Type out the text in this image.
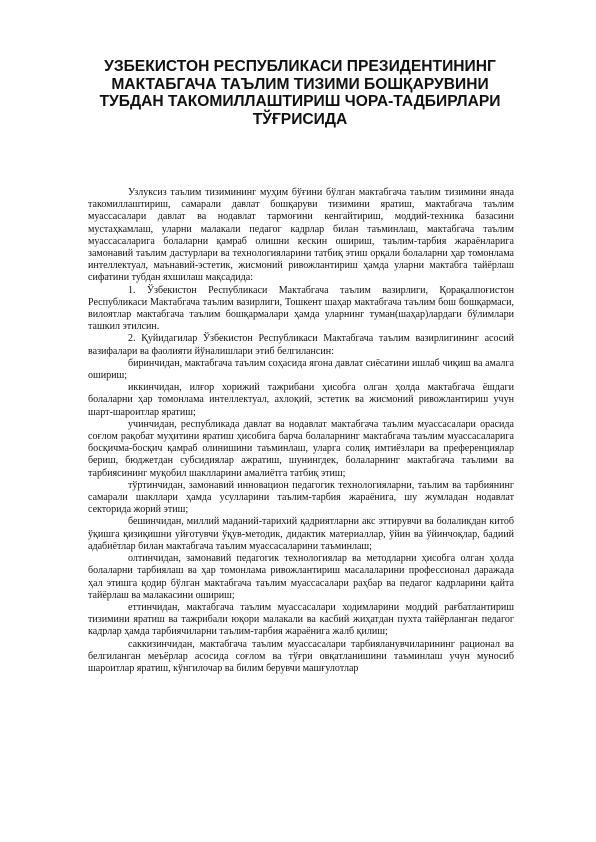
УЗБЕКИСТОН РЕСПУБЛИКАСИ ПРЕЗИДЕНТИНИНГ
МАКТАБГАЧА ТАЪЛИМ ТИЗИМИ БОШҚАРУВИНИ
ТУБДАН ТАКОМИЛЛАШТИРИШ ЧОРА-ТАДБИРЛАРИ
ТЎҒРИСИДА

Узлуксиз таълим тизимининг муҳим бўғини бўлган мактабгача таълим тизимини янада такомиллаштириш, самарали давлат бошқаруви тизимини яратиш, мактабгача таълим муассасалари давлат ва нодавлат тармоғини кенгайтириш, моддий-техника базасини мустаҳкамлаш, уларни малакали педагог кадрлар билан таъминлаш, мактабгача таълим муассасаларига болаларни қамраб олишни кескин ошириш, таълим-тарбия жараёнларига замонавий таълим дастурлари ва технологияларини татбиқ этиш орқали болаларни ҳар томонлама интеллектуал, маънавий-эстетик, жисмоний ривожлантириш ҳамда уларни мактабга тайёрлаш сифатини тубдан яхшилаш мақсадида:

1. Ўзбекистон Республикаси Мактабгача таълим вазирлиги, Қорақалпоғистон Республикаси Мактабгача таълим вазирлиги, Тошкент шаҳар мактабгача таълим бош бошқармаси, вилоятлар мактабгача таълим бошқармалари ҳамда уларнинг туман(шаҳар)лардаги бўлимлари ташкил этилсин.

2. Қуйидагилар Ўзбекистон Республикаси Мактабгача таълим вазирлигининг асосий вазифалари ва фаолияти йўналишлари этиб белгилансин:

биринчидан, мактабгача таълим соҳасида ягона давлат сиёсатини ишлаб чиқиш ва амалга ошириш;

иккинчидан, илғор хорижий тажрибани ҳисобга олган ҳолда мактабгача ёшдаги болаларни ҳар томонлама интеллектуал, ахлоқий, эстетик ва жисмоний ривожлантириш учун шарт-шароитлар яратиш;

учинчидан, республикада давлат ва нодавлат мактабгача таълим муассасалари орасида соғлом рақобат муҳитини яратиш ҳисобига барча болаларнинг мактабгача таълим муассасаларига босқичма-босқич қамраб олинишини таъминлаш, уларга солиқ имтиёзлари ва преференциялар бериш, бюджетдан субсидиялар ажратиш, шунингдек, болаларнинг мактабгача таълими ва тарбиясининг муқобил шаклларини амалиётга татбиқ этиш;

тўртинчидан, замонавий инновацион педагогик технологияларни, таълим ва тарбиянинг самарали шакллари ҳамда усулларини таълим-тарбия жараёнига, шу жумладан нодавлат секторида жорий этиш;

бешинчидан, миллий маданий-тарихий қадриятларни акс эттирувчи ва болаликдан китоб ўқишга қизиқишни уйғотувчи ўқув-методик, дидактик материаллар, ўйин ва ўйинчоқлар, бадиий адабиётлар билан мактабгача таълим муассасаларини таъминлаш;

олтинчидан, замонавий педагогик технологиялар ва методларни ҳисобга олган ҳолда болаларни тарбиялаш ва ҳар томонлама ривожлантириш масалаларини профессионал даражада ҳал этишга қодир бўлган мактабгача таълим муассасалари раҳбар ва педагог кадрларини қайта тайёрлаш ва малакасини ошириш;

еттинчидан, мактабгача таълим муассасалари ходимларини моддий рағбатлантириш тизимини яратиш ва тажрибали юқори малакали ва касбий жиҳатдан пухта тайёрланган педагог кадрлар ҳамда тарбиячиларни таълим-тарбия жараёнига жалб қилиш;

саккизинчидан, мактабгача таълим муассасалари тарбияланувчиларининг рационал ва белгиланган меъёрлар асосида соғлом ва тўғри овқатланишини таъминлаш учун муносиб шароитлар яратиш, кўнгилочар ва билим берувчи машғулотлар
